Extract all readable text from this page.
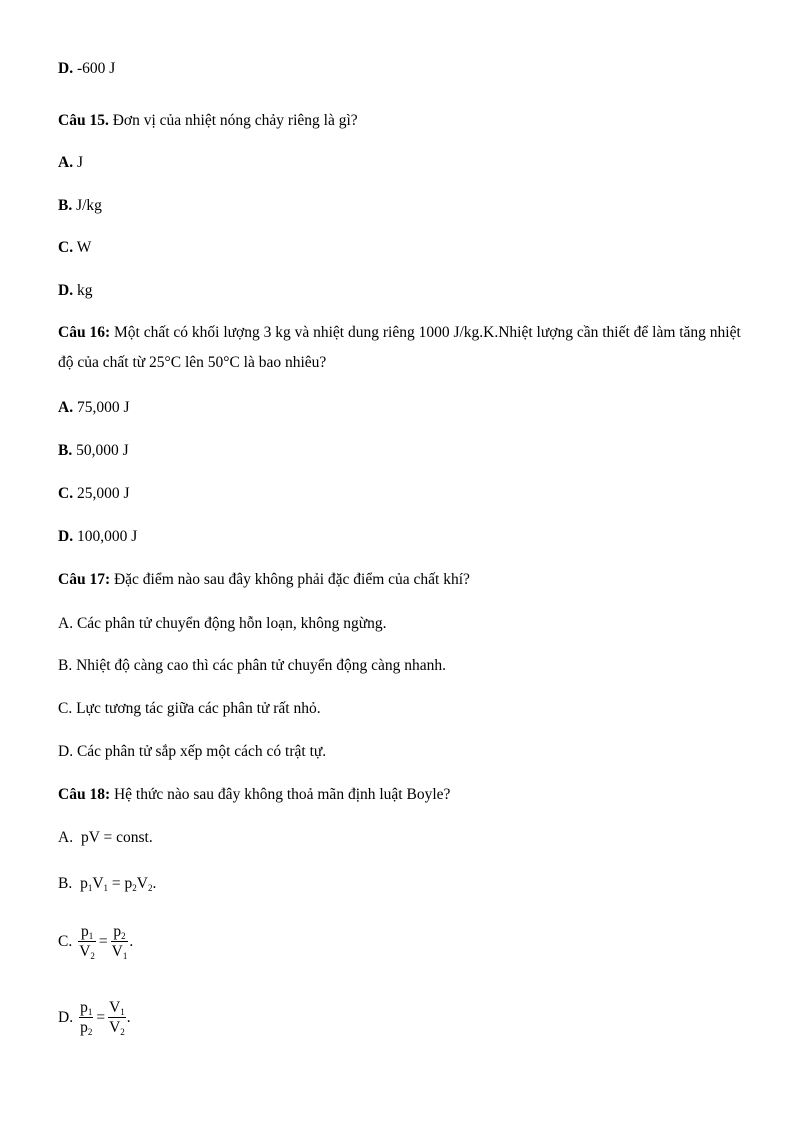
D. -600 J
Câu 15. Đơn vị của nhiệt nóng chảy riêng là gì?
A. J
B. J/kg
C. W
D. kg
Câu 16: Một chất có khối lượng 3 kg và nhiệt dung riêng 1000 J/kg.K.Nhiệt lượng cần thiết để làm tăng nhiệt độ của chất từ 25°C lên 50°C là bao nhiêu?
A. 75,000 J
B. 50,000 J
C. 25,000 J
D. 100,000 J
Câu 17: Đặc điểm nào sau đây không phải đặc điểm của chất khí?
A. Các phân tử chuyển động hỗn loạn, không ngừng.
B. Nhiệt độ càng cao thì các phân tử chuyển động càng nhanh.
C. Lực tương tác giữa các phân tử rất nhỏ.
D. Các phân tử sắp xếp một cách có trật tự.
Câu 18: Hệ thức nào sau đây không thoả mãn định luật Boyle?
A. pV = const.
B. $p_1V_1 = p_2V_2$.
C. $\frac{p_1}{V_2} = \frac{p_2}{V_1}$ .
D. $\frac{p_1}{p_2} = \frac{V_1}{V_2}$ .
